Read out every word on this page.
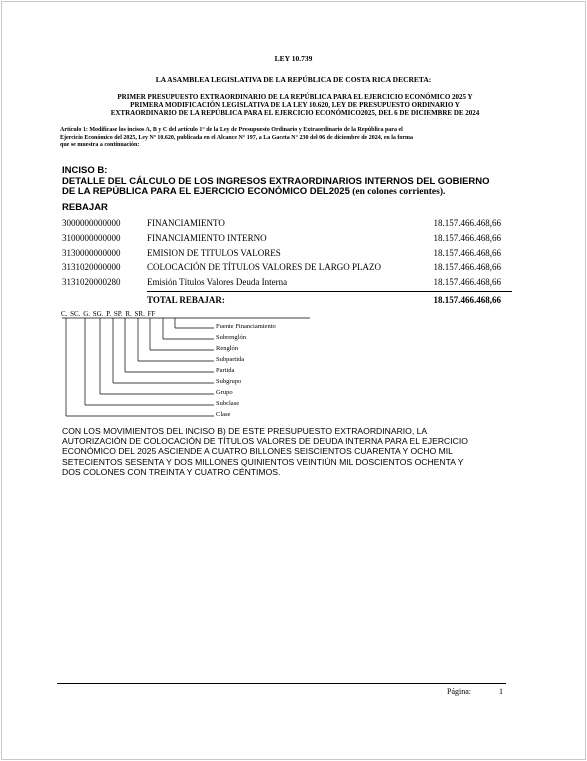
LEY 10.739
LA ASAMBLEA LEGISLATIVA DE LA REPÚBLICA DE COSTA RICA DECRETA:
PRIMER PRESUPUESTO EXTRAORDINARIO DE LA REPÚBLICA PARA EL EJERCICIO ECONÓMICO 2025 Y
PRIMERA MODIFICACIÓN LEGISLATIVA DE LA LEY 10.620, LEY DE PRESUPUESTO ORDINARIO Y
EXTRAORDINARIO DE LA REPÚBLICA PARA EL EJERCICIO ECONÓMICO2025, DEL 6 DE DICIEMBRE DE 2024
Artículo 1: Modifícase los incisos A, B y C del artículo 1° de la Ley de Presupuesto Ordinario y Extraordinario de la República para el
Ejercicio Económico del 2025, Ley Nº 10.620, publicada en el Alcance N° 197, a La Gaceta N° 230 del 06 de diciembre de 2024, en la forma
que se muestra a continuación:
INCISO B:
DETALLE DEL CÁLCULO DE LOS INGRESOS EXTRAORDINARIOS INTERNOS DEL GOBIERNO
DE LA REPÚBLICA PARA EL EJERCICIO ECONÓMICO DEL2025 (en colones corrientes).
REBAJAR
3000000000000	FINANCIAMIENTO	18.157.466.468,66
3100000000000	FINANCIAMIENTO INTERNO	18.157.466.468,66
3130000000000	EMISION DE TITULOS VALORES	18.157.466.468,66
3131020000000	COLOCACIÓN DE TÍTULOS VALORES DE LARGO PLAZO	18.157.466.468,66
3131020000280	Emisión Títulos Valores Deuda Interna	18.157.466.468,66
TOTAL REBAJAR:	18.157.466.468,66
C. SC. G. SG. P. SP. R. SR. FF
Fuente Financiamiento
Subrenglón
Renglón
Subpartida
Partida
Subgrupo
Grupo
Subclase
Clase
CON LOS MOVIMIENTOS DEL INCISO B) DE ESTE PRESUPUESTO EXTRAORDINARIO, LA
AUTORIZACIÓN DE COLOCACIÓN DE TÍTULOS VALORES DE DEUDA INTERNA PARA EL EJERCICIO
ECONÓMICO DEL 2025 ASCIENDE A CUATRO BILLONES SEISCIENTOS CUARENTA Y OCHO MIL
SETECIENTOS SESENTA Y DOS MILLONES QUINIENTOS VEINTIÚN MIL DOSCIENTOS OCHENTA Y
DOS COLONES CON TREINTA Y CUATRO CÉNTIMOS.
Página:	1
